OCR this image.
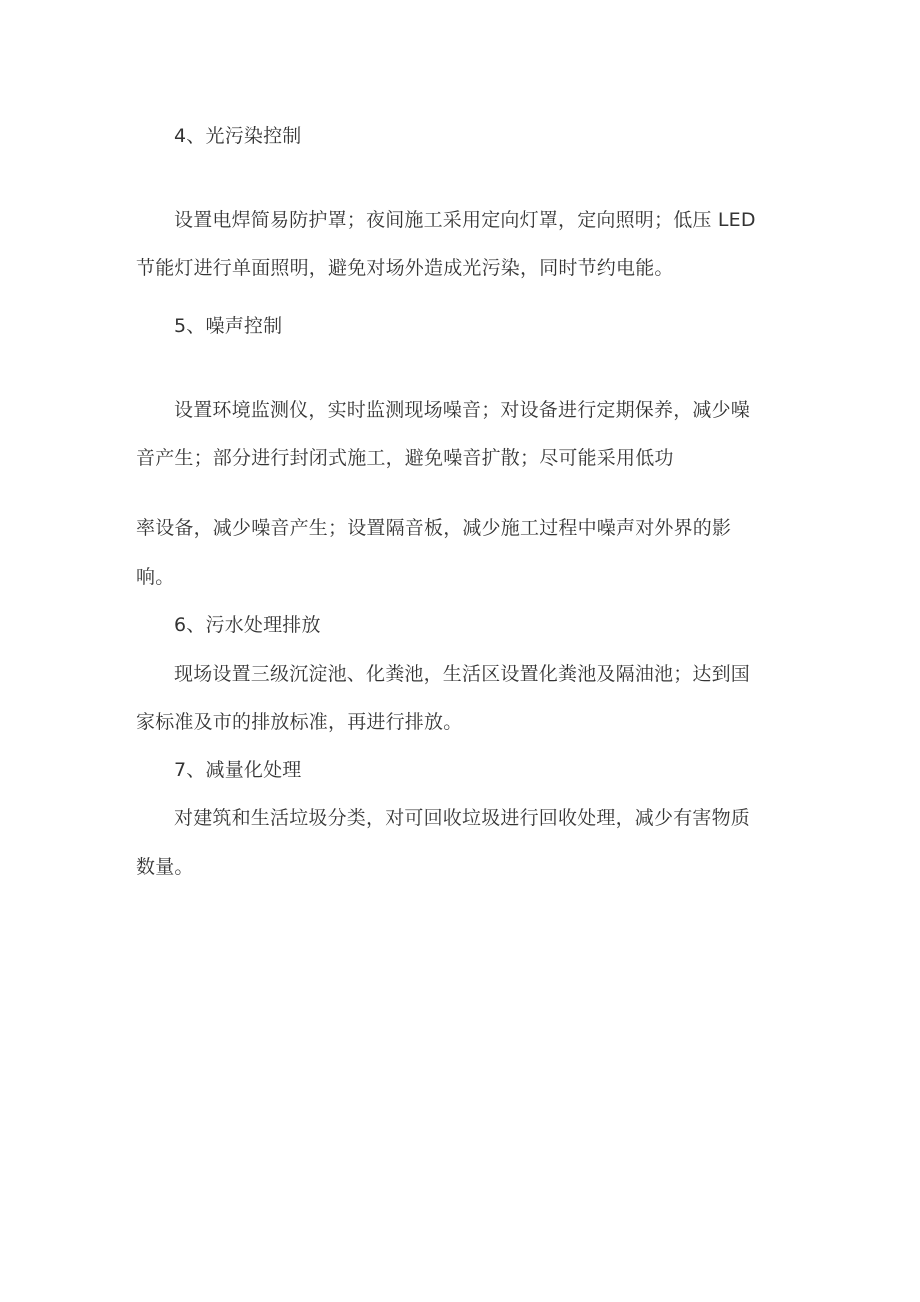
4、光污染控制
设置电焊简易防护罩；夜间施工采用定向灯罩，定向照明；低压 LED
节能灯进行单面照明，避免对场外造成光污染，同时节约电能。
5、噪声控制
设置环境监测仪，实时监测现场噪音；对设备进行定期保养，减少噪
音产生；部分进行封闭式施工，避免噪音扩散；尽可能采用低功
率设备，减少噪音产生；设置隔音板，减少施工过程中噪声对外界的影
响。
6、污水处理排放
现场设置三级沉淀池、化粪池，生活区设置化粪池及隔油池；达到国
家标准及市的排放标准，再进行排放。
7、减量化处理
对建筑和生活垃圾分类，对可回收垃圾进行回收处理，减少有害物质
数量。
